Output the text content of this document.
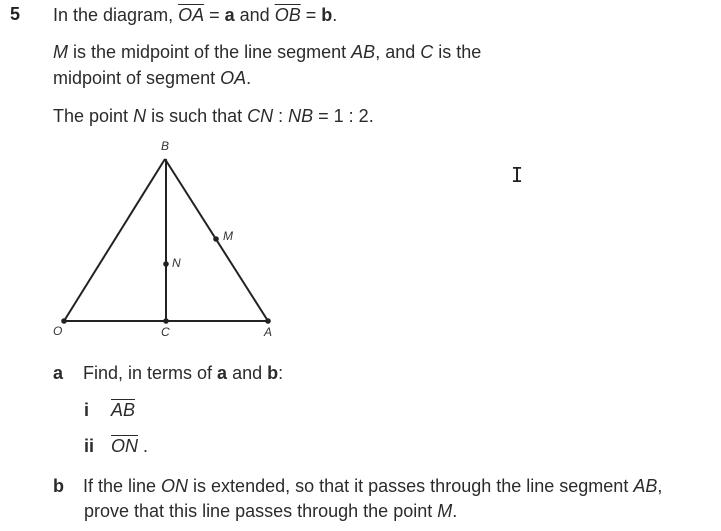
5 In the diagram, $\overline{OA} = a$ and $\overline{OB} = b$.
M is the midpoint of the line segment AB, and C is the
midpoint of segment OA.
The point N is such that CN : NB = 1 : 2.
B
M
N
O	C	A
I
a Find, in terms of a and b:
i $\overline{AB}$
ii $\overline{ON}$ .
b If the line ON is extended, so that it passes through the line segment AB,
prove that this line passes through the point M.
